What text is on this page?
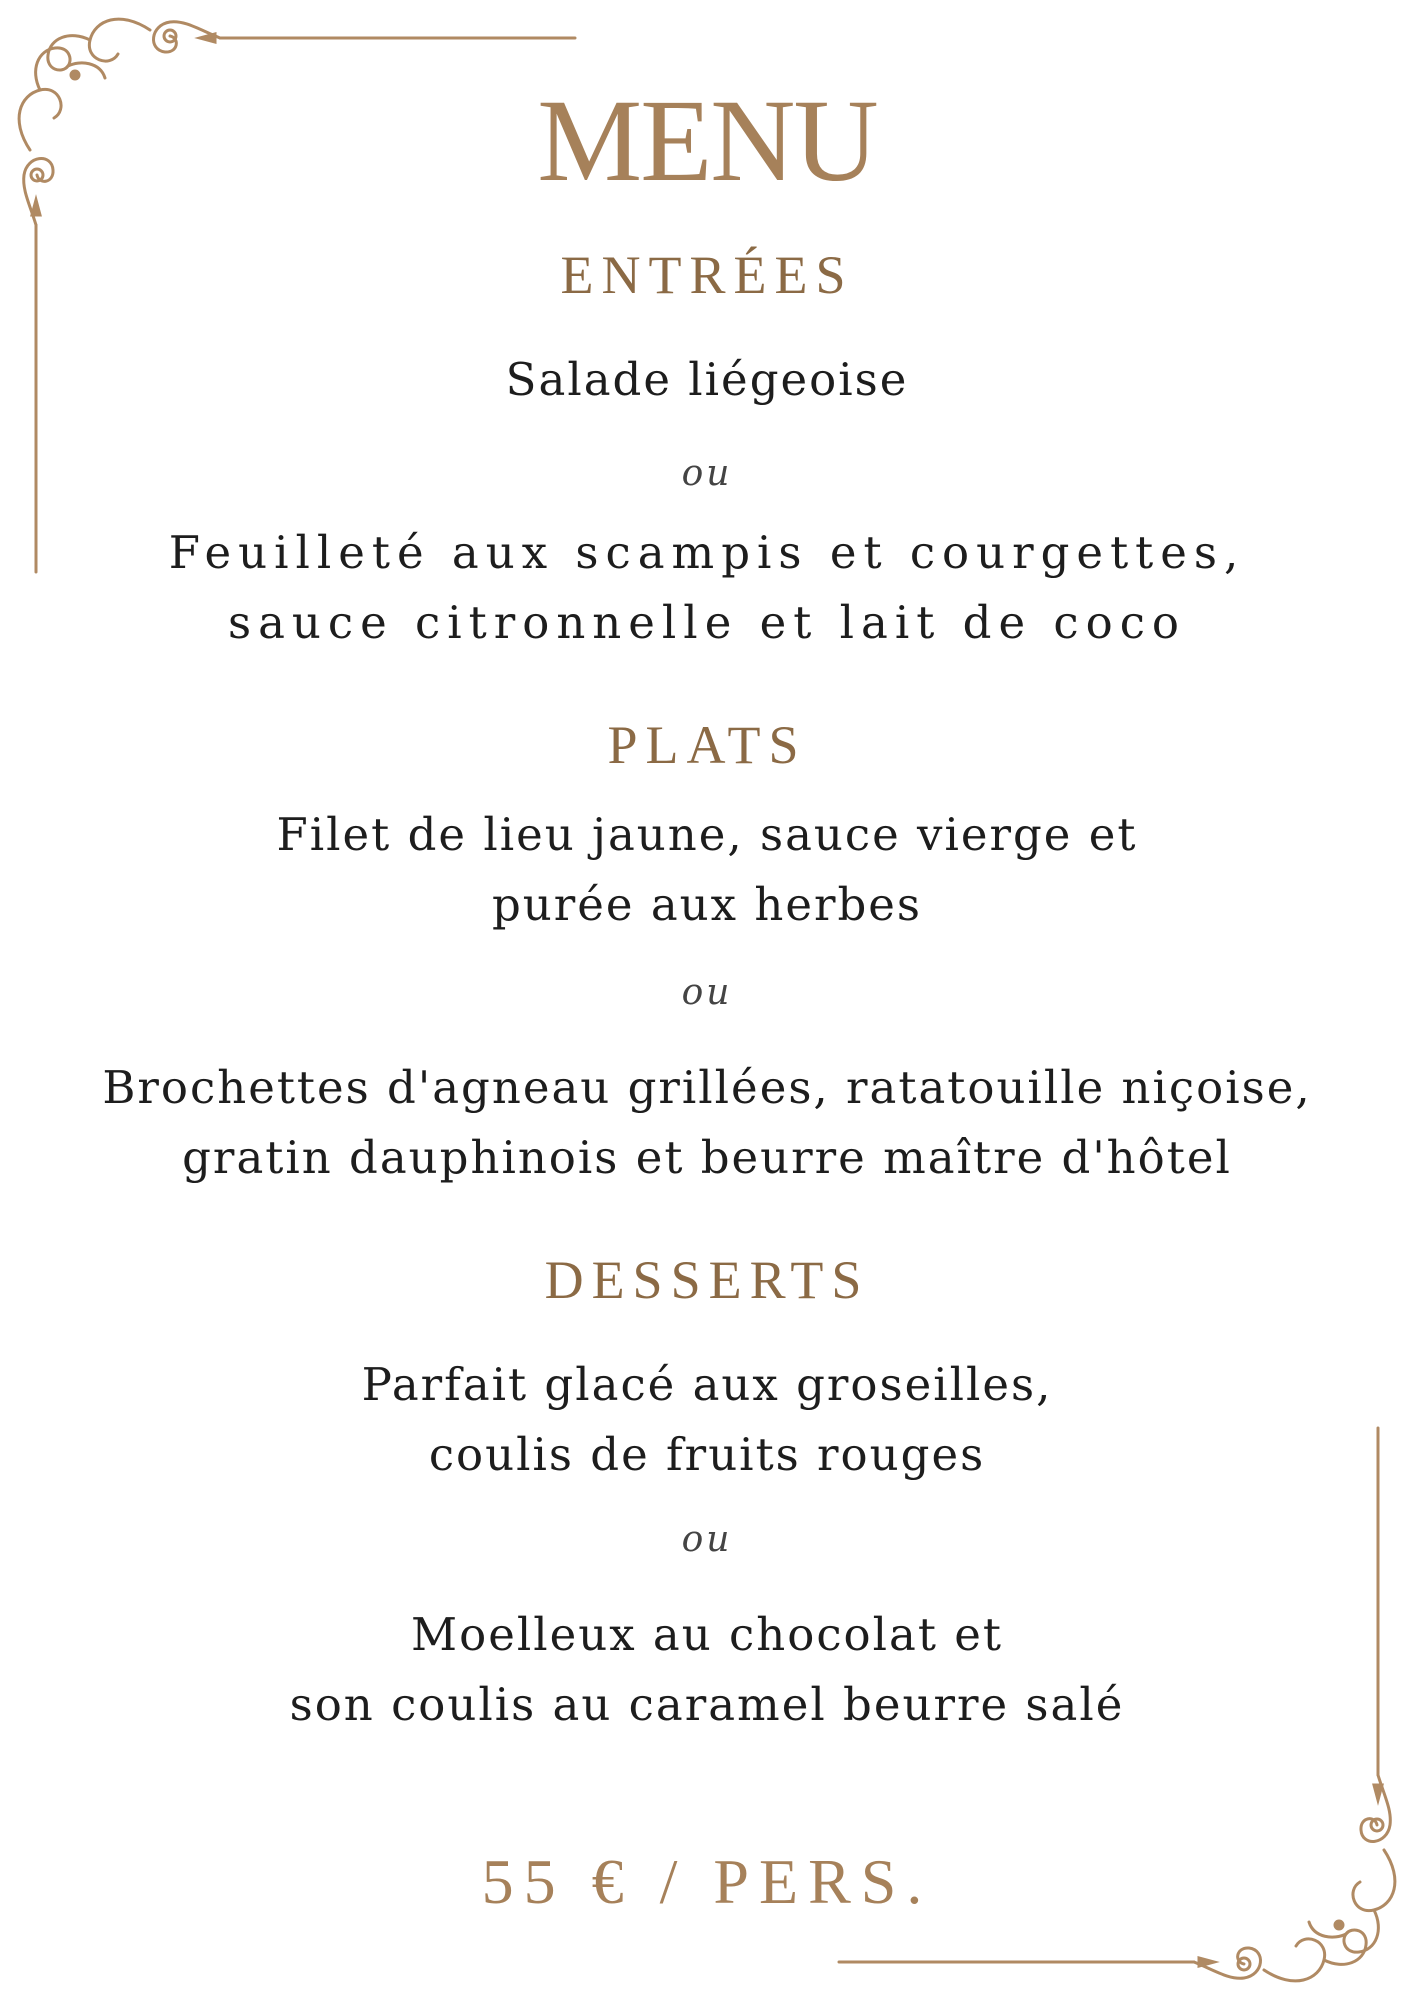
MENU
ENTRÉES
Salade liégeoise
ou
Feuilleté aux scampis et courgettes,
sauce citronnelle et lait de coco
PLATS
Filet de lieu jaune, sauce vierge et
purée aux herbes
ou
Brochettes d'agneau grillées, ratatouille niçoise,
gratin dauphinois et beurre maître d'hôtel
DESSERTS
Parfait glacé aux groseilles,
coulis de fruits rouges
ou
Moelleux au chocolat et
son coulis au caramel beurre salé
55 € / PERS.
